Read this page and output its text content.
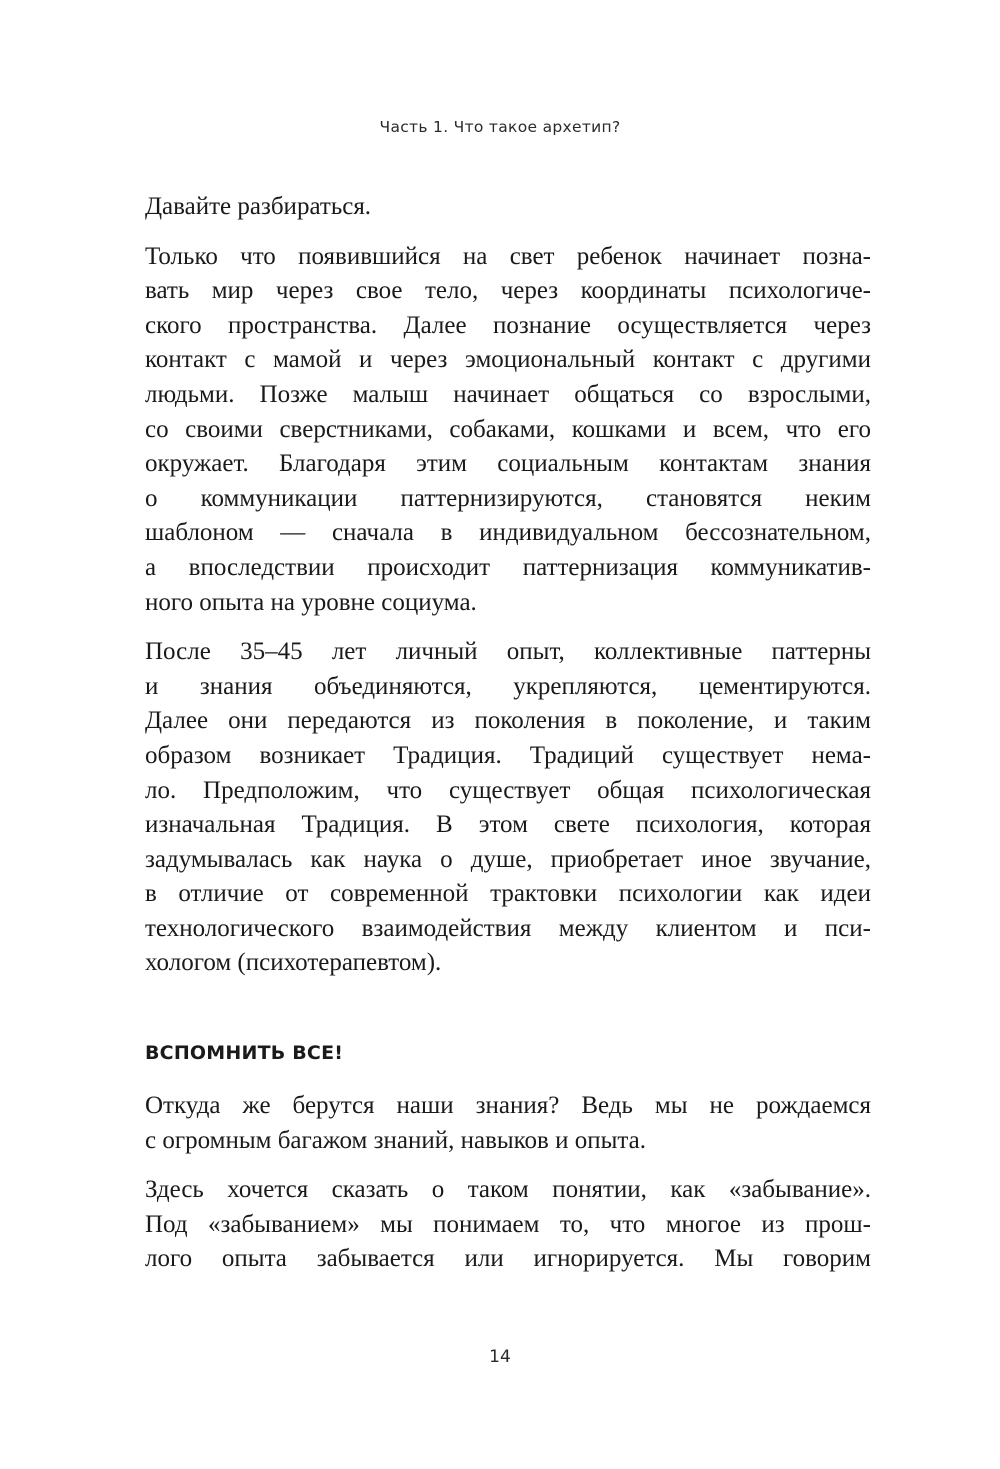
Часть 1. Что такое архетип?
Давайте разбираться.
Только что появившийся на свет ребенок начинает позна-
вать мир через свое тело, через координаты психологиче-
ского пространства. Далее познание осуществляется через
контакт с мамой и через эмоциональный контакт с другими
людьми. Позже малыш начинает общаться со взрослыми,
со своими сверстниками, собаками, кошками и всем, что его
окружает. Благодаря этим социальным контактам знания
о коммуникации паттернизируются, становятся неким
шаблоном — сначала в индивидуальном бессознательном,
а впоследствии происходит паттернизация коммуникатив-
ного опыта на уровне социума.
После 35–45 лет личный опыт, коллективные паттерны
и знания объединяются, укрепляются, цементируются.
Далее они передаются из поколения в поколение, и таким
образом возникает Традиция. Традиций существует нема-
ло. Предположим, что существует общая психологическая
изначальная Традиция. В этом свете психология, которая
задумывалась как наука о душе, приобретает иное звучание,
в отличие от современной трактовки психологии как идеи
технологического взаимодействия между клиентом и пси-
хологом (психотерапевтом).
ВСПОМНИТЬ ВСЕ!
Откуда же берутся наши знания? Ведь мы не рождаемся
с огромным багажом знаний, навыков и опыта.
Здесь хочется сказать о таком понятии, как «забывание».
Под «забыванием» мы понимаем то, что многое из прош-
лого опыта забывается или игнорируется. Мы говорим
14
